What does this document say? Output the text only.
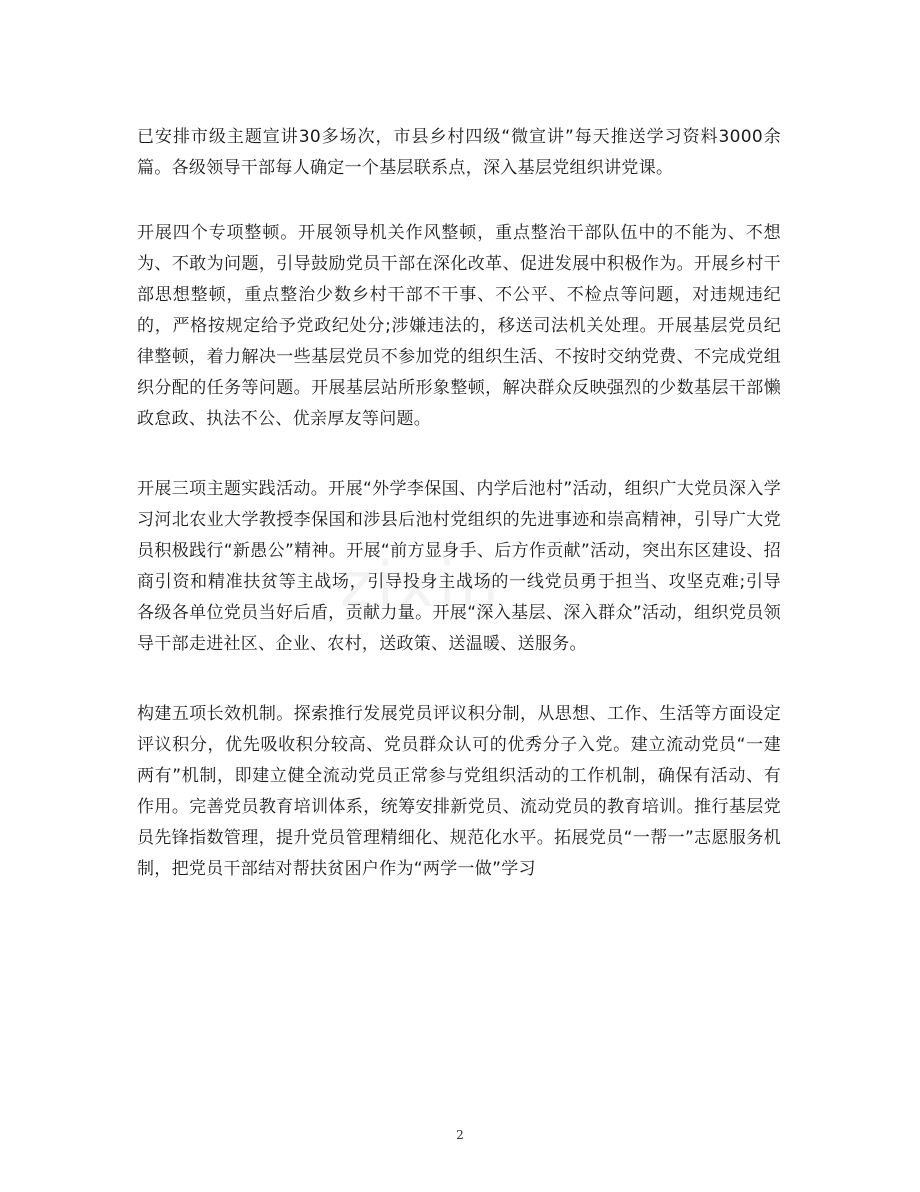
已安排市级主题宣讲30多场次，市县乡村四级“微宣讲”每天推送学习资料3000余篇。各级领导干部每人确定一个基层联系点，深入基层党组织讲党课。

开展四个专项整顿。开展领导机关作风整顿，重点整治干部队伍中的不能为、不想为、不敢为问题，引导鼓励党员干部在深化改革、促进发展中积极作为。开展乡村干部思想整顿，重点整治少数乡村干部不干事、不公平、不检点等问题，对违规违纪的，严格按规定给予党政纪处分;涉嫌违法的，移送司法机关处理。开展基层党员纪律整顿，着力解决一些基层党员不参加党的组织生活、不按时交纳党费、不完成党组织分配的任务等问题。开展基层站所形象整顿，解决群众反映强烈的少数基层干部懒政怠政、执法不公、优亲厚友等问题。

开展三项主题实践活动。开展“外学李保国、内学后池村”活动，组织广大党员深入学习河北农业大学教授李保国和涉县后池村党组织的先进事迹和崇高精神，引导广大党员积极践行“新愚公”精神。开展“前方显身手、后方作贡献”活动，突出东区建设、招商引资和精准扶贫等主战场，引导投身主战场的一线党员勇于担当、攻坚克难;引导各级各单位党员当好后盾，贡献力量。开展“深入基层、深入群众”活动，组织党员领导干部走进社区、企业、农村，送政策、送温暖、送服务。

构建五项长效机制。探索推行发展党员评议积分制，从思想、工作、生活等方面设定评议积分，优先吸收积分较高、党员群众认可的优秀分子入党。建立流动党员“一建两有”机制，即建立健全流动党员正常参与党组织活动的工作机制，确保有活动、有作用。完善党员教育培训体系，统筹安排新党员、流动党员的教育培训。推行基层党员先锋指数管理，提升党员管理精细化、规范化水平。拓展党员“一帮一”志愿服务机制，把党员干部结对帮扶贫困户作为“两学一做”学习

2
